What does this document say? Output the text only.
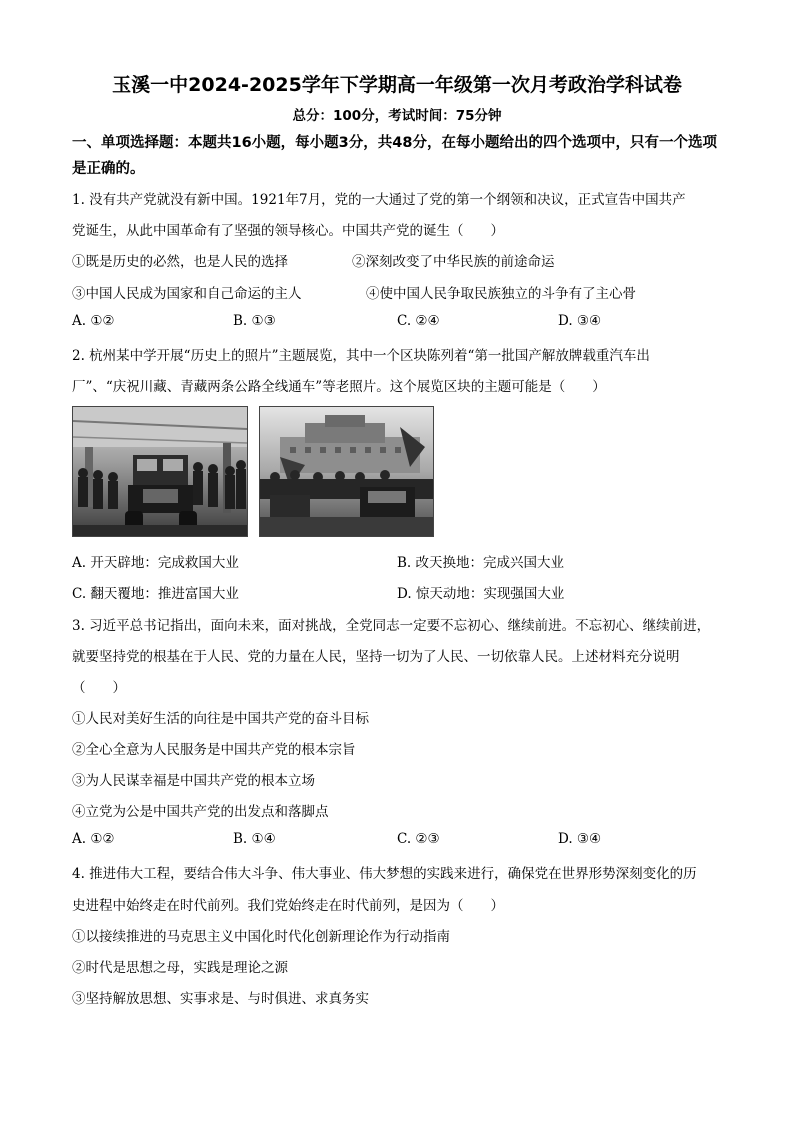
玉溪一中2024-2025学年下学期高一年级第一次月考政治学科试卷
总分：100分，考试时间：75分钟
一、单项选择题：本题共16小题，每小题3分，共48分，在每小题给出的四个选项中，只有一个选项是正确的。
1. 没有共产党就没有新中国。1921年7月，党的一大通过了党的第一个纲领和决议，正式宣告中国共产
党诞生，从此中国革命有了坚强的领导核心。中国共产党的诞生（　　）
①既是历史的必然，也是人民的选择	②深刻改变了中华民族的前途命运
③中国人民成为国家和自己命运的主人	④使中国人民争取民族独立的斗争有了主心骨
A. ①②	B. ①③	C. ②④	D. ③④
2. 杭州某中学开展“历史上的照片”主题展览，其中一个区块陈列着“第一批国产解放牌载重汽车出
厂”、“庆祝川藏、青藏两条公路全线通车”等老照片。这个展览区块的主题可能是（　　）
A. 开天辟地：完成救国大业	B. 改天换地：完成兴国大业
C. 翻天覆地：推进富国大业	D. 惊天动地：实现强国大业
3. 习近平总书记指出，面向未来，面对挑战，全党同志一定要不忘初心、继续前进。不忘初心、继续前进，
就要坚持党的根基在于人民、党的力量在人民，坚持一切为了人民、一切依靠人民。上述材料充分说明
（　　）
①人民对美好生活的向往是中国共产党的奋斗目标
②全心全意为人民服务是中国共产党的根本宗旨
③为人民谋幸福是中国共产党的根本立场
④立党为公是中国共产党的出发点和落脚点
A. ①②	B. ①④	C. ②③	D. ③④
4. 推进伟大工程，要结合伟大斗争、伟大事业、伟大梦想的实践来进行，确保党在世界形势深刻变化的历
史进程中始终走在时代前列。我们党始终走在时代前列，是因为（　　）
①以接续推进的马克思主义中国化时代化创新理论作为行动指南
②时代是思想之母，实践是理论之源
③坚持解放思想、实事求是、与时俱进、求真务实
